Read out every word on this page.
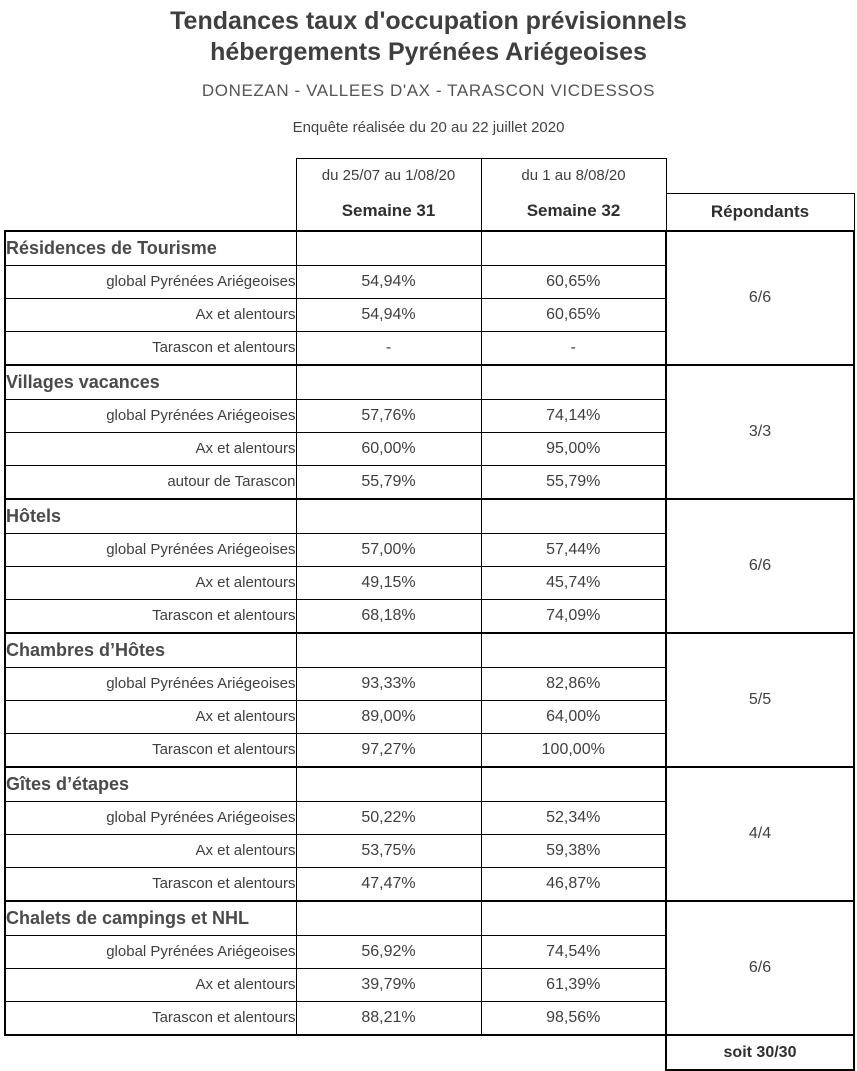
Tendances taux d'occupation prévisionnels
hébergements Pyrénées Ariégeoises
DONEZAN - VALLEES D'AX - TARASCON VICDESSOS
Enquête réalisée du 20 au 22 juillet 2020
	du 25/07 au 1/08/20	du 1 au 8/08/20	
	Semaine 31	Semaine 32	Répondants
Résidences de Tourisme			6/6
global Pyrénées Ariégeoises	54,94%	60,65%	
Ax et alentours	54,94%	60,65%	
Tarascon et alentours	-	-	
Villages vacances			3/3
global Pyrénées Ariégeoises	57,76%	74,14%	
Ax et alentours	60,00%	95,00%	
autour de Tarascon	55,79%	55,79%	
Hôtels			6/6
global Pyrénées Ariégeoises	57,00%	57,44%	
Ax et alentours	49,15%	45,74%	
Tarascon et alentours	68,18%	74,09%	
Chambres d’Hôtes			5/5
global Pyrénées Ariégeoises	93,33%	82,86%	
Ax et alentours	89,00%	64,00%	
Tarascon et alentours	97,27%	100,00%	
Gîtes d’étapes			4/4
global Pyrénées Ariégeoises	50,22%	52,34%	
Ax et alentours	53,75%	59,38%	
Tarascon et alentours	47,47%	46,87%	
Chalets de campings et NHL			6/6
global Pyrénées Ariégeoises	56,92%	74,54%	
Ax et alentours	39,79%	61,39%	
Tarascon et alentours	88,21%	98,56%	
			soit 30/30
